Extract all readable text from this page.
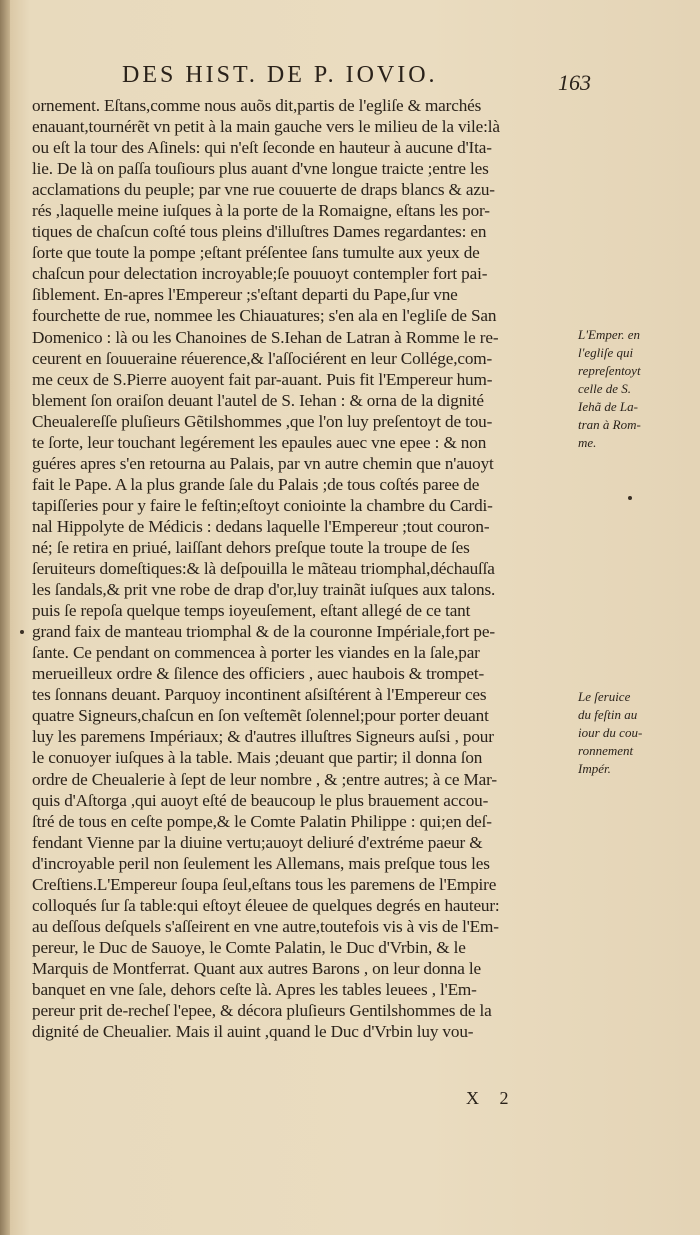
DES HIST. DE P. IOVIO.	163
ornement. Eſtans,comme nous auõs dit,partis de l'egliſe & marchés
enauant,tournérẽt vn petit à la main gauche vers le milieu de la vile:là
ou eſt la tour des Aſinels: qui n'eſt ſeconde en hauteur à aucune d'Ita-
lie. De là on paſſa touſiours plus auant d'vne longue traicte ;entre les
acclamations du peuple; par vne rue couuerte de draps blancs & azu-
rés ,laquelle meine iuſques à la porte de la Romaigne, eſtans les por-
tiques de chaſcun coſté tous pleins d'illuſtres Dames regardantes: en
ſorte que toute la pompe ;eſtant préſentee ſans tumulte aux yeux de
chaſcun pour delectation incroyable;ſe pouuoyt contempler fort pai-
ſiblement. En-apres l'Empereur ;s'eſtant departi du Pape,ſur vne
fourchette de rue, nommee les Chiauatures; s'en ala en l'egliſe de San
Domenico : là ou les Chanoines de S.Iehan de Latran à Romme le re-
ceurent en ſouueraine réuerence,& l'aſſociérent en leur Collége,com-
me ceux de S.Pierre auoyent fait par-auant. Puis fit l'Empereur hum-
blement ſon oraiſon deuant l'autel de S. Iehan : & orna de la dignité
Cheualereſſe pluſieurs Gẽtilshommes ,que l'on luy preſentoyt de tou-
te ſorte, leur touchant legérement les epaules auec vne epee : & non
guéres apres s'en retourna au Palais, par vn autre chemin que n'auoyt
fait le Pape. A la plus grande ſale du Palais ;de tous coſtés paree de
tapiſſeries pour y faire le feſtin;eſtoyt coniointe la chambre du Cardi-
nal Hippolyte de Médicis : dedans laquelle l'Empereur ;tout couron-
né; ſe retira en priué, laiſſant dehors preſque toute la troupe de ſes
ſeruiteurs domeſtiques:& là deſpouilla le mãteau triomphal,déchauſſa
les ſandals,& prit vne robe de drap d'or,luy trainãt iuſques aux talons.
puis ſe repoſa quelque temps ioyeuſement, eſtant allegé de ce tant
grand faix de manteau triomphal & de la couronne Impériale,fort pe-
ſante. Ce pendant on commencea à porter les viandes en la ſale,par
merueilleux ordre & ſilence des officiers , auec haubois & trompet-
tes ſonnans deuant. Parquoy incontinent aſsiſtérent à l'Empereur ces
quatre Signeurs,chaſcun en ſon veſtemẽt ſolennel;pour porter deuant
luy les paremens Impériaux; & d'autres illuſtres Signeurs auſsi , pour
le conuoyer iuſques à la table. Mais ;deuant que partir; il donna ſon
ordre de Cheualerie à ſept de leur nombre , & ;entre autres; à ce Mar-
quis d'Aſtorga ,qui auoyt eſté de beaucoup le plus brauement accou-
ſtré de tous en ceſte pompe,& le Comte Palatin Philippe : qui;en deſ-
fendant Vienne par la diuine vertu;auoyt deliuré d'extréme paeur &
d'incroyable peril non ſeulement les Allemans, mais preſque tous les
Creſtiens.L'Empereur ſoupa ſeul,eſtans tous les paremens de l'Empire
colloqués ſur ſa table:qui eſtoyt éleuee de quelques degrés en hauteur:
au deſſous deſquels s'aſſeirent en vne autre,toutefois vis à vis de l'Em-
pereur, le Duc de Sauoye, le Comte Palatin, le Duc d'Vrbin, & le
Marquis de Montferrat. Quant aux autres Barons , on leur donna le
banquet en vne ſale, dehors ceſte là. Apres les tables leuees , l'Em-
pereur prit de-recheſ l'epee, & décora pluſieurs Gentilshommes de la
dignité de Cheualier. Mais il auint ,quand le Duc d'Vrbin luy vou-
L'Emper. en
l'egliſe qui
repreſentoyt
celle de S.
Iehã de La-
tran à Rom-
me.
Le ſeruice
du feſtin au
iour du cou-
ronnement
Impér.
X 2
